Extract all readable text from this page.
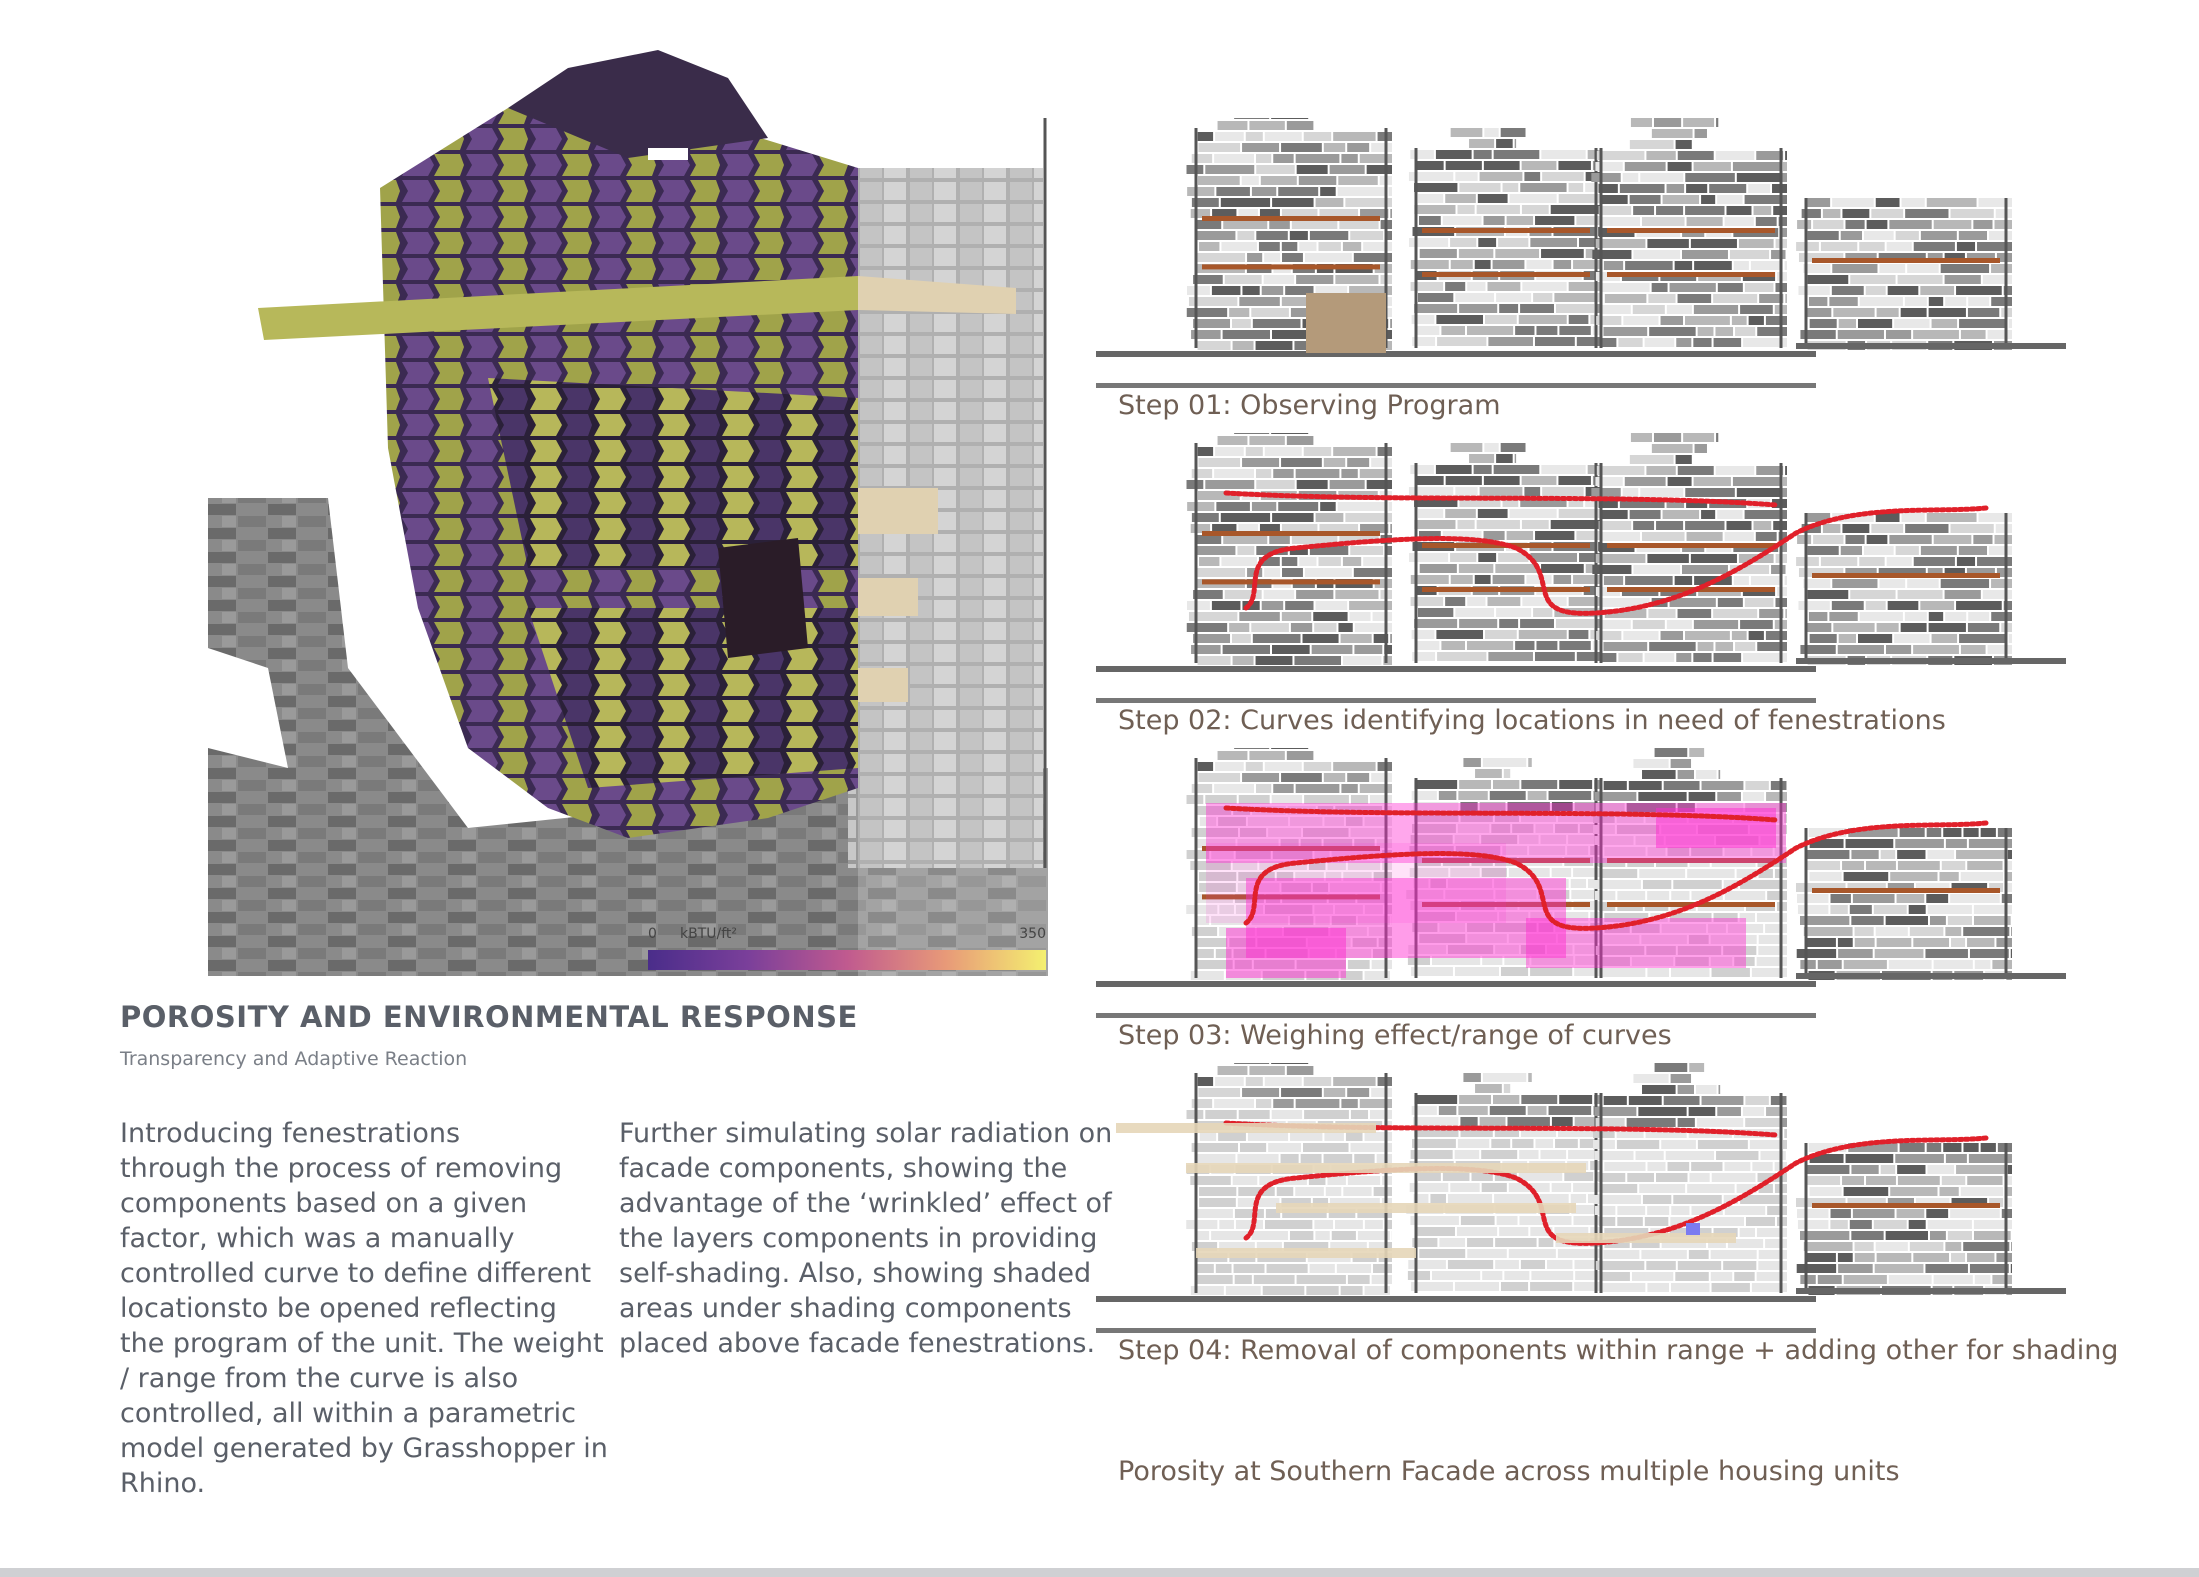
0 kBTU/ft²	350
POROSITY AND ENVIRONMENTAL RESPONSE
Transparency and Adaptive Reaction
Introducing fenestrations
through the process of removing
components based on a given
factor, which was a manually
controlled curve to define different
locationsto be opened reflecting
the program of the unit. The weight
/ range from the curve is also
controlled, all within a parametric
model generated by Grasshopper in
Rhino.
Further simulating solar radiation on
facade components, showing the
advantage of the ‘wrinkled’ effect of
the layers components in providing
self-shading. Also, showing shaded
areas under shading components
placed above facade fenestrations.
Step 01: Observing Program
Step 02: Curves identifying locations in need of fenestrations
Step 03: Weighing effect/range of curves
Step 04: Removal of components within range + adding other for shading
Porosity at Southern Facade across multiple housing units
